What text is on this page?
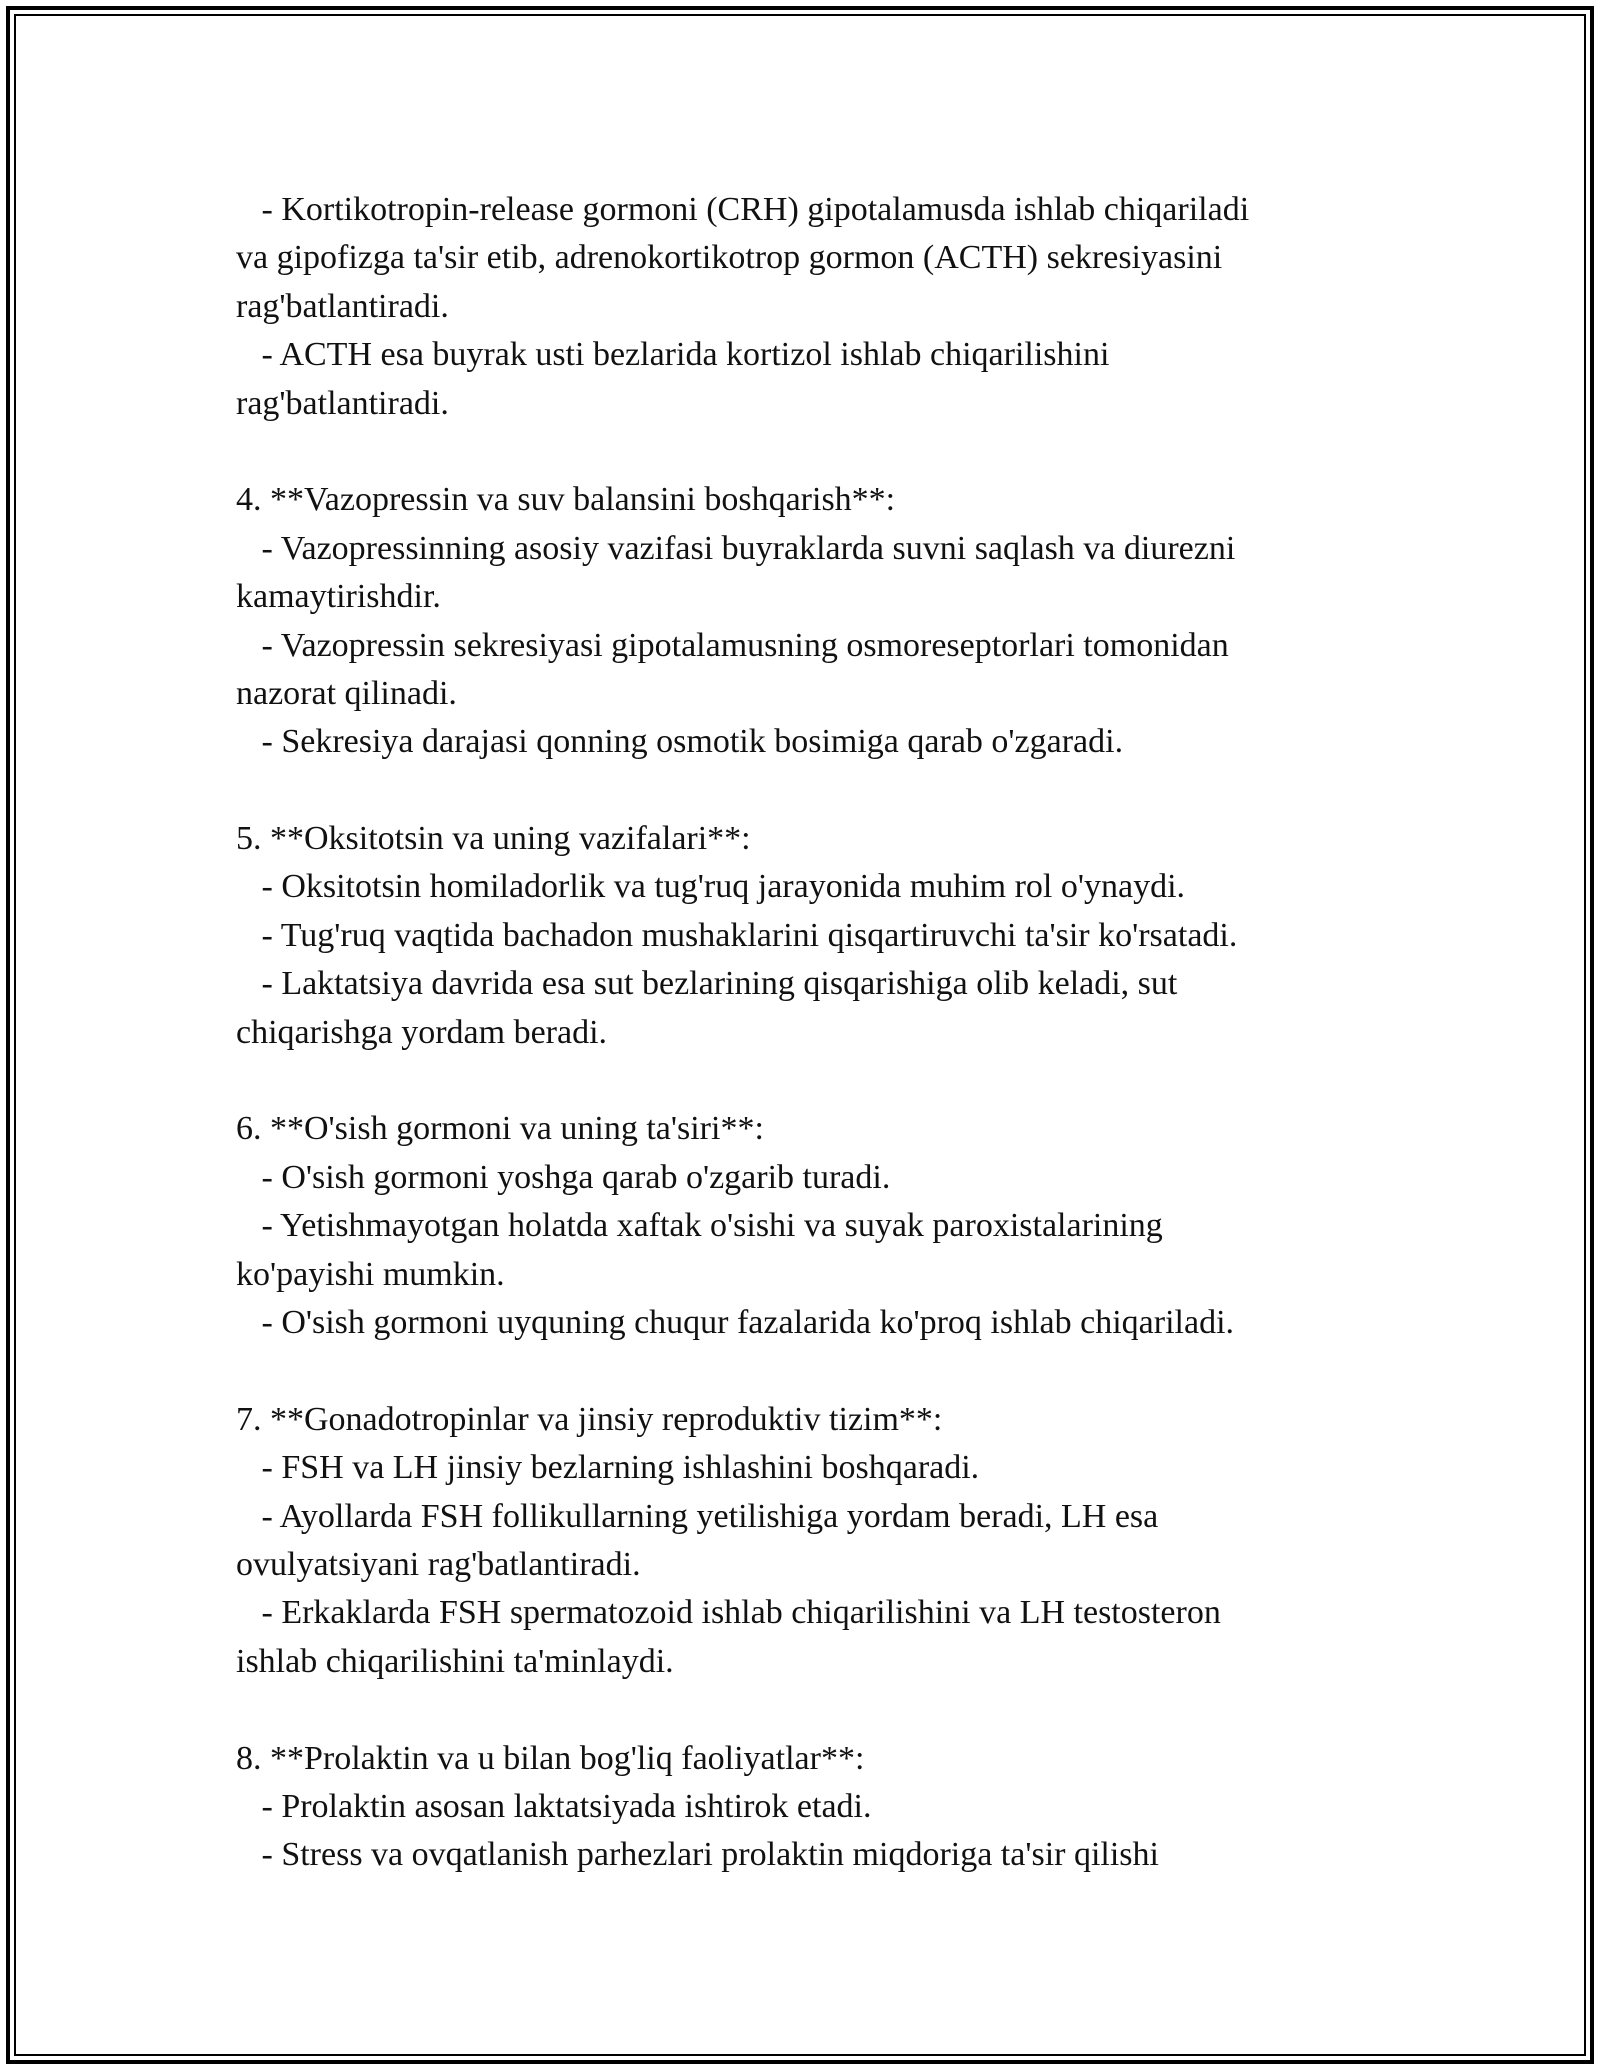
- Kortikotropin-release gormoni (CRH) gipotalamusda ishlab chiqariladi
va gipofizga ta'sir etib, adrenokortikotrop gormon (ACTH) sekresiyasini
rag'batlantiradi.
- ACTH esa buyrak usti bezlarida kortizol ishlab chiqarilishini
rag'batlantiradi.
4. **Vazopressin va suv balansini boshqarish**:
- Vazopressinning asosiy vazifasi buyraklarda suvni saqlash va diurezni
kamaytirishdir.
- Vazopressin sekresiyasi gipotalamusning osmoreseptorlari tomonidan
nazorat qilinadi.
- Sekresiya darajasi qonning osmotik bosimiga qarab o'zgaradi.
5. **Oksitotsin va uning vazifalari**:
- Oksitotsin homiladorlik va tug'ruq jarayonida muhim rol o'ynaydi.
- Tug'ruq vaqtida bachadon mushaklarini qisqartiruvchi ta'sir ko'rsatadi.
- Laktatsiya davrida esa sut bezlarining qisqarishiga olib keladi, sut
chiqarishga yordam beradi.
6. **O'sish gormoni va uning ta'siri**:
- O'sish gormoni yoshga qarab o'zgarib turadi.
- Yetishmayotgan holatda xaftak o'sishi va suyak paroxistalarining
ko'payishi mumkin.
- O'sish gormoni uyquning chuqur fazalarida ko'proq ishlab chiqariladi.
7. **Gonadotropinlar va jinsiy reproduktiv tizim**:
- FSH va LH jinsiy bezlarning ishlashini boshqaradi.
- Ayollarda FSH follikullarning yetilishiga yordam beradi, LH esa
ovulyatsiyani rag'batlantiradi.
- Erkaklarda FSH spermatozoid ishlab chiqarilishini va LH testosteron
ishlab chiqarilishini ta'minlaydi.
8. **Prolaktin va u bilan bog'liq faoliyatlar**:
- Prolaktin asosan laktatsiyada ishtirok etadi.
- Stress va ovqatlanish parhezlari prolaktin miqdoriga ta'sir qilishi
